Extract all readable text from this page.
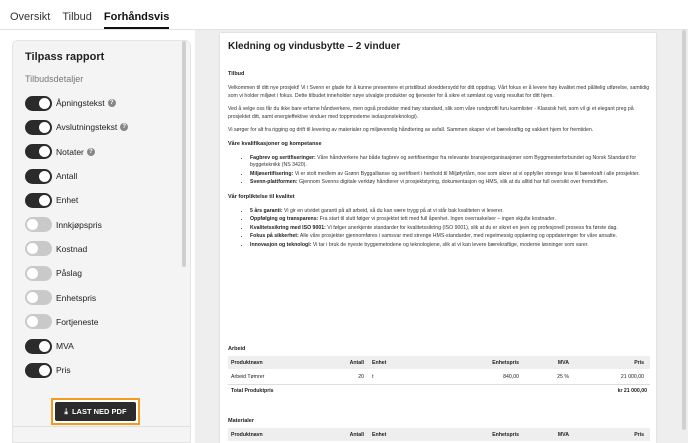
Oversikt Tilbud Forhåndsvis
Tilpass rapport
Tilbudsdetaljer
Åpningstekst ?
Avslutningstekst ?
Notater ?
Antall
Enhet
Innkjøpspris
Kostnad
Påslag
Enhetspris
Fortjeneste
MVA
Pris
⤓ LAST NED PDF
Kledning og vindusbytte – 2 vinduer
Tilbud
Velkommen til ditt nye prosjekt! Vi i Svenn er glade for å kunne presentere et pristilbud skreddersydd for ditt oppdrag. Vårt fokus er å levere høy kvalitet med pålitelig utførelse, samtidig som vi holder miljøet i fokus. Dette tilbudet inneholder nøye utvalgte produkter og tjenester for å sikre et sømløst og varig resultat for ditt hjem.
Ved å velge oss får du ikke bare erfarne håndverkere, men også produkter med høy standard, slik som våre rundprofil furu karmlister - Klassisk hvit, som vil gi et elegant preg på prosjektet ditt, samt energieffektive vinduer med toppmoderne isolasjonsteknologi).
Vi sørger for alt fra rigging og drift til levering av materialer og miljøvennlig håndtering av avfall. Sammen skaper vi et bærekraftig og vakkert hjem for fremtiden.
Våre kvalifikasjoner og kompetanse
• Fagbrev og sertifiseringer: Våre håndverkere har både fagbrev og sertifiseringer fra relevante bransjeorganisasjoner som Byggmesterforbundet og Norsk Standard for byggeteknikk (NS 3420).
• Miljøsertifisering: Vi er stolt medlem av Grønn Byggallianse og sertifisert i henhold til Miljøfyrtårn, noe som sikrer at vi oppfyller strenge krav til bærekraft i alle prosjekter.
• Svenn-plattformen: Gjennom Svenns digitale verktøy håndterer vi prosjektstyring, dokumentasjon og HMS, slik at du alltid har full oversikt over fremdriften.
Vår forpliktelse til kvalitet
• 5 års garanti: Vi gir en utvidet garanti på alt arbeid, så du kan være trygg på at vi står bak kvaliteten vi leverer.
• Oppfølging og transparens: Fra start til slutt følger vi prosjektet tett med full åpenhet. Ingen overraskelser – ingen skjulte kostnader.
• Kvalitetssikring med ISO 9001: Vi følger anerkjente standarder for kvalitetssikring (ISO 9001), slik at du er sikret en jevn og profesjonell prosess fra første dag.
• Fokus på sikkerhet: Alle våre prosjekter gjennomføres i samsvar med strenge HMS-standarder, med regelmessig opplæring og oppdateringer for våre ansatte.
• Innovasjon og teknologi: Vi tar i bruk de nyeste byggemetodene og teknologiene, slik at vi kan levere bærekraftige, moderne løsninger som varer.
Arbeid
Produktnavn	Antall	Enhet	Enhetspris	MVA	Pris
Arbeid Tømrer	20	t	840,00	25 %	21 000,00
Total Produktpris	kr 21 000,00
Materialer
Produktnavn	Antall	Enhet	Enhetspris	MVA	Pris
